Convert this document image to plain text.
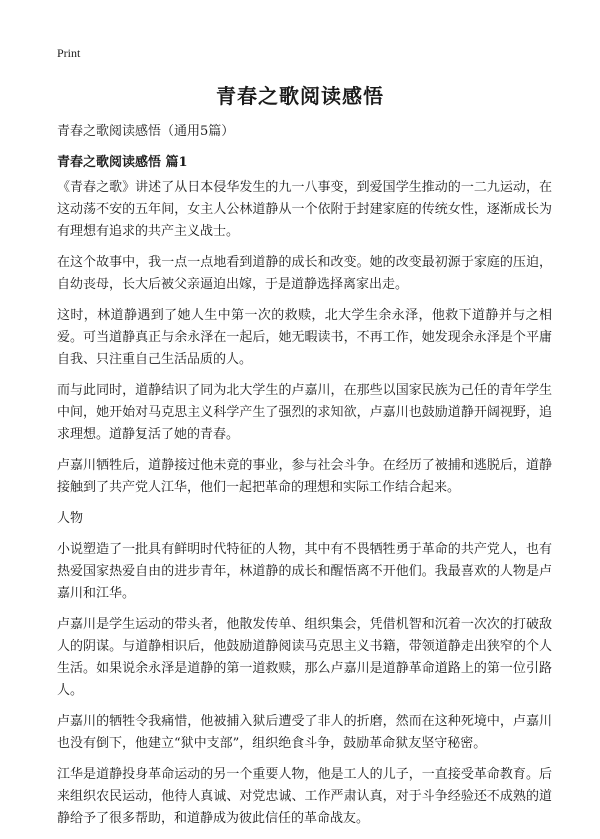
Print
青春之歌阅读感悟

青春之歌阅读感悟（通用5篇）

青春之歌阅读感悟 篇1

《青春之歌》讲述了从日本侵华发生的九一八事变，到爱国学生推动的一二九运动，在这动荡不安的五年间，女主人公林道静从一个依附于封建家庭的传统女性，逐渐成长为有理想有追求的共产主义战士。

在这个故事中，我一点一点地看到道静的成长和改变。她的改变最初源于家庭的压迫，自幼丧母，长大后被父亲逼迫出嫁，于是道静选择离家出走。

这时，林道静遇到了她人生中第一次的救赎，北大学生余永泽，他救下道静并与之相爱。可当道静真正与余永泽在一起后，她无暇读书，不再工作，她发现余永泽是个平庸自我、只注重自己生活品质的人。

而与此同时，道静结识了同为北大学生的卢嘉川，在那些以国家民族为己任的青年学生中间，她开始对马克思主义科学产生了强烈的求知欲，卢嘉川也鼓励道静开阔视野，追求理想。道静复活了她的青春。

卢嘉川牺牲后，道静接过他未竟的事业，参与社会斗争。在经历了被捕和逃脱后，道静接触到了共产党人江华，他们一起把革命的理想和实际工作结合起来。

人物

小说塑造了一批具有鲜明时代特征的人物，其中有不畏牺牲勇于革命的共产党人，也有热爱国家热爱自由的进步青年，林道静的成长和醒悟离不开他们。我最喜欢的人物是卢嘉川和江华。

卢嘉川是学生运动的带头者，他散发传单、组织集会，凭借机智和沉着一次次的打破敌人的阴谋。与道静相识后，他鼓励道静阅读马克思主义书籍，带领道静走出狭窄的个人生活。如果说余永泽是道静的第一道救赎，那么卢嘉川是道静革命道路上的第一位引路人。

卢嘉川的牺牲令我痛惜，他被捕入狱后遭受了非人的折磨，然而在这种死境中，卢嘉川也没有倒下，他建立“狱中支部”，组织绝食斗争，鼓励革命狱友坚守秘密。

江华是道静投身革命运动的另一个重要人物，他是工人的儿子，一直接受革命教育。后来组织农民运动，他待人真诚、对党忠诚、工作严肃认真，对于斗争经验还不成熟的道静给予了很多帮助，和道静成为彼此信任的革命战友。
